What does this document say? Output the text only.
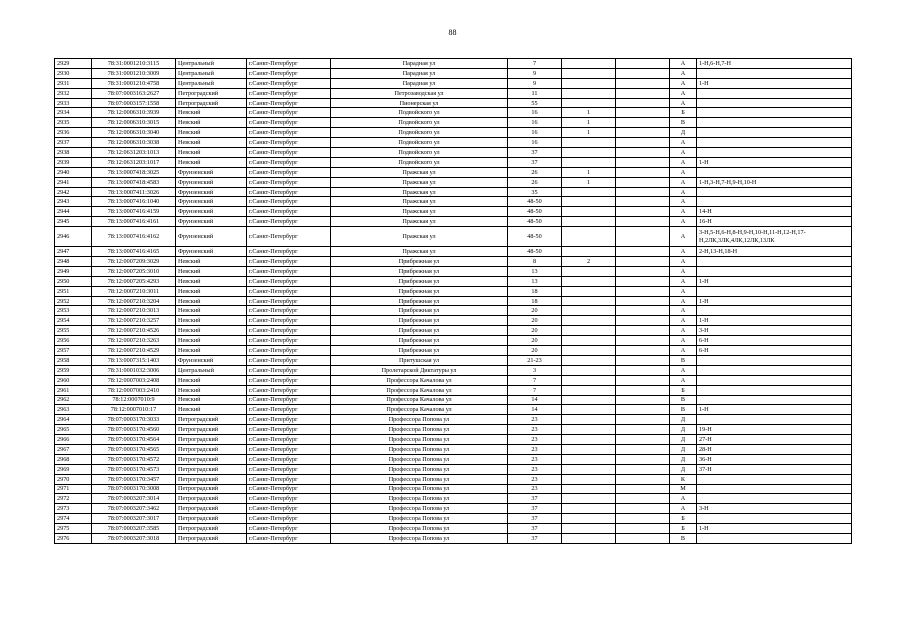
88
2929	78:31:0001210:3115	Центральный	г.Санкт-Петербург	Парадная ул	7			А	1-Н,6-Н,7-Н
2930	78:31:0001210:3009	Центральный	г.Санкт-Петербург	Парадная ул	9			А	
2931	78:31:0001210:4758	Центральный	г.Санкт-Петербург	Парадная ул	9			А	1-Н
2932	78:07:0003163:2627	Петроградский	г.Санкт-Петербург	Петрозаводская ул	11			А	
2933	78:07:0003157:1558	Петроградский	г.Санкт-Петербург	Пионерская ул	55			А	
2934	78:12:0006310:3939	Невский	г.Санкт-Петербург	Подвойского ул	16	1		Б	
2935	78:12:0006310:3015	Невский	г.Санкт-Петербург	Подвойского ул	16	1		В	
2936	78:12:0006310:3040	Невский	г.Санкт-Петербург	Подвойского ул	16	1		Д	
2937	78:12:0006310:3038	Невский	г.Санкт-Петербург	Подвойского ул	16			А	
2938	78:12:0631203:1013	Невский	г.Санкт-Петербург	Подвойского ул	37			А	
2939	78:12:0631203:1017	Невский	г.Санкт-Петербург	Подвойского ул	37			А	1-Н
2940	78:13:0007418:3025	Фрунзенский	г.Санкт-Петербург	Пражская ул	26	1		А	
2941	78:13:0007418:4583	Фрунзенский	г.Санкт-Петербург	Пражская ул	26	1		А	1-Н,3-Н,7-Н,9-Н,10-Н
2942	78:13:0007411:3026	Фрунзенский	г.Санкт-Петербург	Пражская ул	35			А	
2943	78:13:0007416:1040	Фрунзенский	г.Санкт-Петербург	Пражская ул	48-50			А	
2944	78:13:0007416:4159	Фрунзенский	г.Санкт-Петербург	Пражская ул	48-50			А	14-Н
2945	78:13:0007416:4161	Фрунзенский	г.Санкт-Петербург	Пражская ул	48-50			А	16-Н
2946	78:13:0007416:4162	Фрунзенский	г.Санкт-Петербург	Пражская ул	48-50			А	3-Н,5-Н,6-Н,8-Н,9-Н,10-Н,11-Н,12-Н,17-Н,2ЛК,3ЛК,4ЛК,12ЛК,13ЛК
2947	78:13:0007416:4165	Фрунзенский	г.Санкт-Петербург	Пражская ул	48-50			А	2-Н,13-Н,18-Н
2948	78:12:0007209:3029	Невский	г.Санкт-Петербург	Прибрежная ул	8	2		А	
2949	78:12:0007205:3010	Невский	г.Санкт-Петербург	Прибрежная ул	13			А	
2950	78:12:0007205:4293	Невский	г.Санкт-Петербург	Прибрежная ул	13			А	1-Н
2951	78:12:0007210:3011	Невский	г.Санкт-Петербург	Прибрежная ул	18			А	
2952	78:12:0007210:3204	Невский	г.Санкт-Петербург	Прибрежная ул	18			А	1-Н
2953	78:12:0007210:3013	Невский	г.Санкт-Петербург	Прибрежная ул	20			А	
2954	78:12:0007210:3257	Невский	г.Санкт-Петербург	Прибрежная ул	20			А	1-Н
2955	78:12:0007210:4526	Невский	г.Санкт-Петербург	Прибрежная ул	20			А	3-Н
2956	78:12:0007210:3263	Невский	г.Санкт-Петербург	Прибрежная ул	20			А	6-Н
2957	78:12:0007210:4529	Невский	г.Санкт-Петербург	Прибрежная ул	20			А	6-Н
2958	78:13:0007315:1403	Фрунзенский	г.Санкт-Петербург	Притушская ул	21-23			В	
2959	78:31:0001032:3006	Центральный	г.Санкт-Петербург	Пролетарской Диктатуры ул	3			А	
2960	78:12:0007003:2408	Невский	г.Санкт-Петербург	Профессора Качалова ул	7			А	
2961	78:12:0007003:2410	Невский	г.Санкт-Петербург	Профессора Качалова ул	7			Б	
2962	78:12:0007010:9	Невский	г.Санкт-Петербург	Профессора Качалова ул	14			В	
2963	78:12:0007010:17	Невский	г.Санкт-Петербург	Профессора Качалова ул	14			В	1-Н
2964	78:07:0003170:3033	Петроградский	г.Санкт-Петербург	Профессора Попова ул	23			Д	
2965	78:07:0003170:4560	Петроградский	г.Санкт-Петербург	Профессора Попова ул	23			Д	19-Н
2966	78:07:0003170:4564	Петроградский	г.Санкт-Петербург	Профессора Попова ул	23			Д	27-Н
2967	78:07:0003170:4565	Петроградский	г.Санкт-Петербург	Профессора Попова ул	23			Д	28-Н
2968	78:07:0003170:4572	Петроградский	г.Санкт-Петербург	Профессора Попова ул	23			Д	36-Н
2969	78:07:0003170:4573	Петроградский	г.Санкт-Петербург	Профессора Попова ул	23			Д	37-Н
2970	78:07:0003170:3457	Петроградский	г.Санкт-Петербург	Профессора Попова ул	23			К	
2971	78:07:0003170:3008	Петроградский	г.Санкт-Петербург	Профессора Попова ул	23			М	
2972	78:07:0003207:3014	Петроградский	г.Санкт-Петербург	Профессора Попова ул	37			А	
2973	78:07:0003207:3462	Петроградский	г.Санкт-Петербург	Профессора Попова ул	37			А	3-Н
2974	78:07:0003207:3017	Петроградский	г.Санкт-Петербург	Профессора Попова ул	37			Б	
2975	78:07:0003207:3585	Петроградский	г.Санкт-Петербург	Профессора Попова ул	37			Б	1-Н
2976	78:07:0003207:3018	Петроградский	г.Санкт-Петербург	Профессора Попова ул	37			В	
